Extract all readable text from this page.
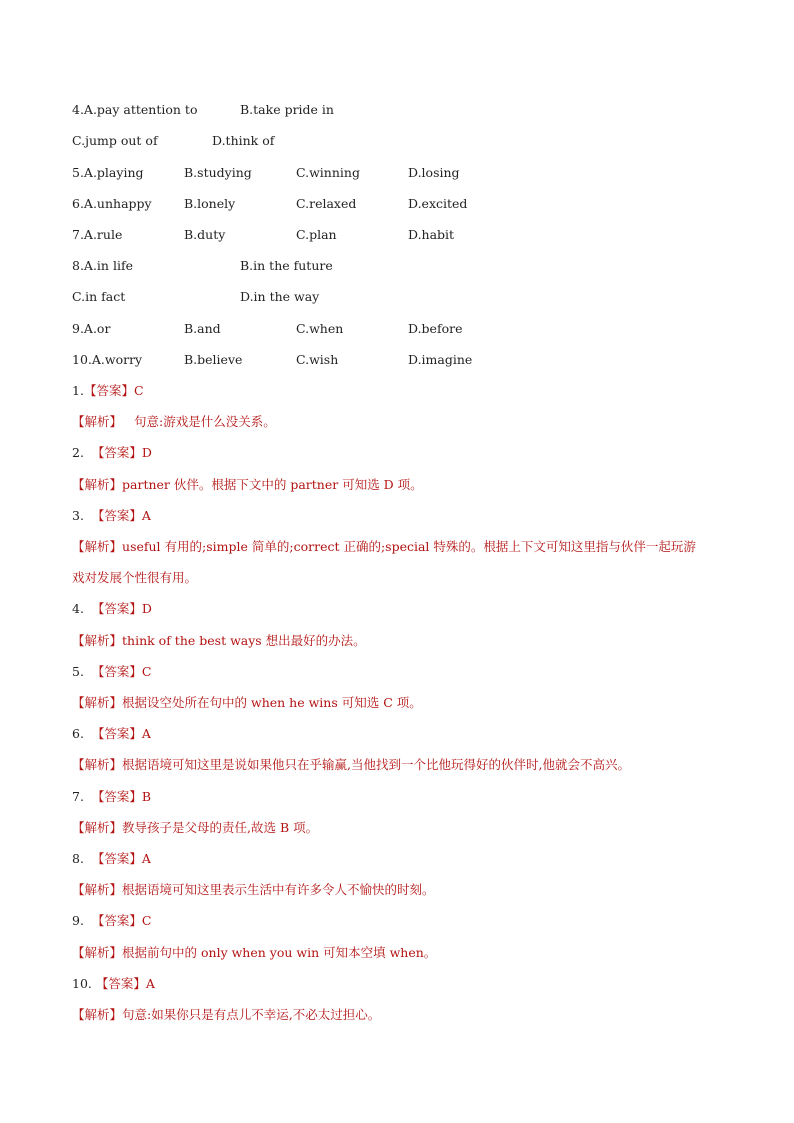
4.A.pay attention to	B.take pride in
C.jump out of	D.think of
5.A.playing	B.studying	C.winning	D.losing
6.A.unhappy	B.lonely	C.relaxed	D.excited
7.A.rule	B.duty	C.plan	D.habit
8.A.in life	B.in the future
C.in fact	D.in the way
9.A.or	B.and	C.when	D.before
10.A.worry	B.believe	C.wish	D.imagine
1.【答案】C
【解析】 句意:游戏是什么没关系。
2. 【答案】D
【解析】partner 伙伴。根据下文中的 partner 可知选 D 项。
3. 【答案】A
【解析】useful 有用的;simple 简单的;correct 正确的;special 特殊的。根据上下文可知这里指与伙伴一起玩游
戏对发展个性很有用。
4. 【答案】D
【解析】think of the best ways 想出最好的办法。
5. 【答案】C
【解析】根据设空处所在句中的 when he wins 可知选 C 项。
6. 【答案】A
【解析】根据语境可知这里是说如果他只在乎输赢,当他找到一个比他玩得好的伙伴时,他就会不高兴。
7. 【答案】B
【解析】教导孩子是父母的责任,故选 B 项。
8. 【答案】A
【解析】根据语境可知这里表示生活中有许多令人不愉快的时刻。
9. 【答案】C
【解析】根据前句中的 only when you win 可知本空填 when。
10. 【答案】A
【解析】句意:如果你只是有点儿不幸运,不必太过担心。
